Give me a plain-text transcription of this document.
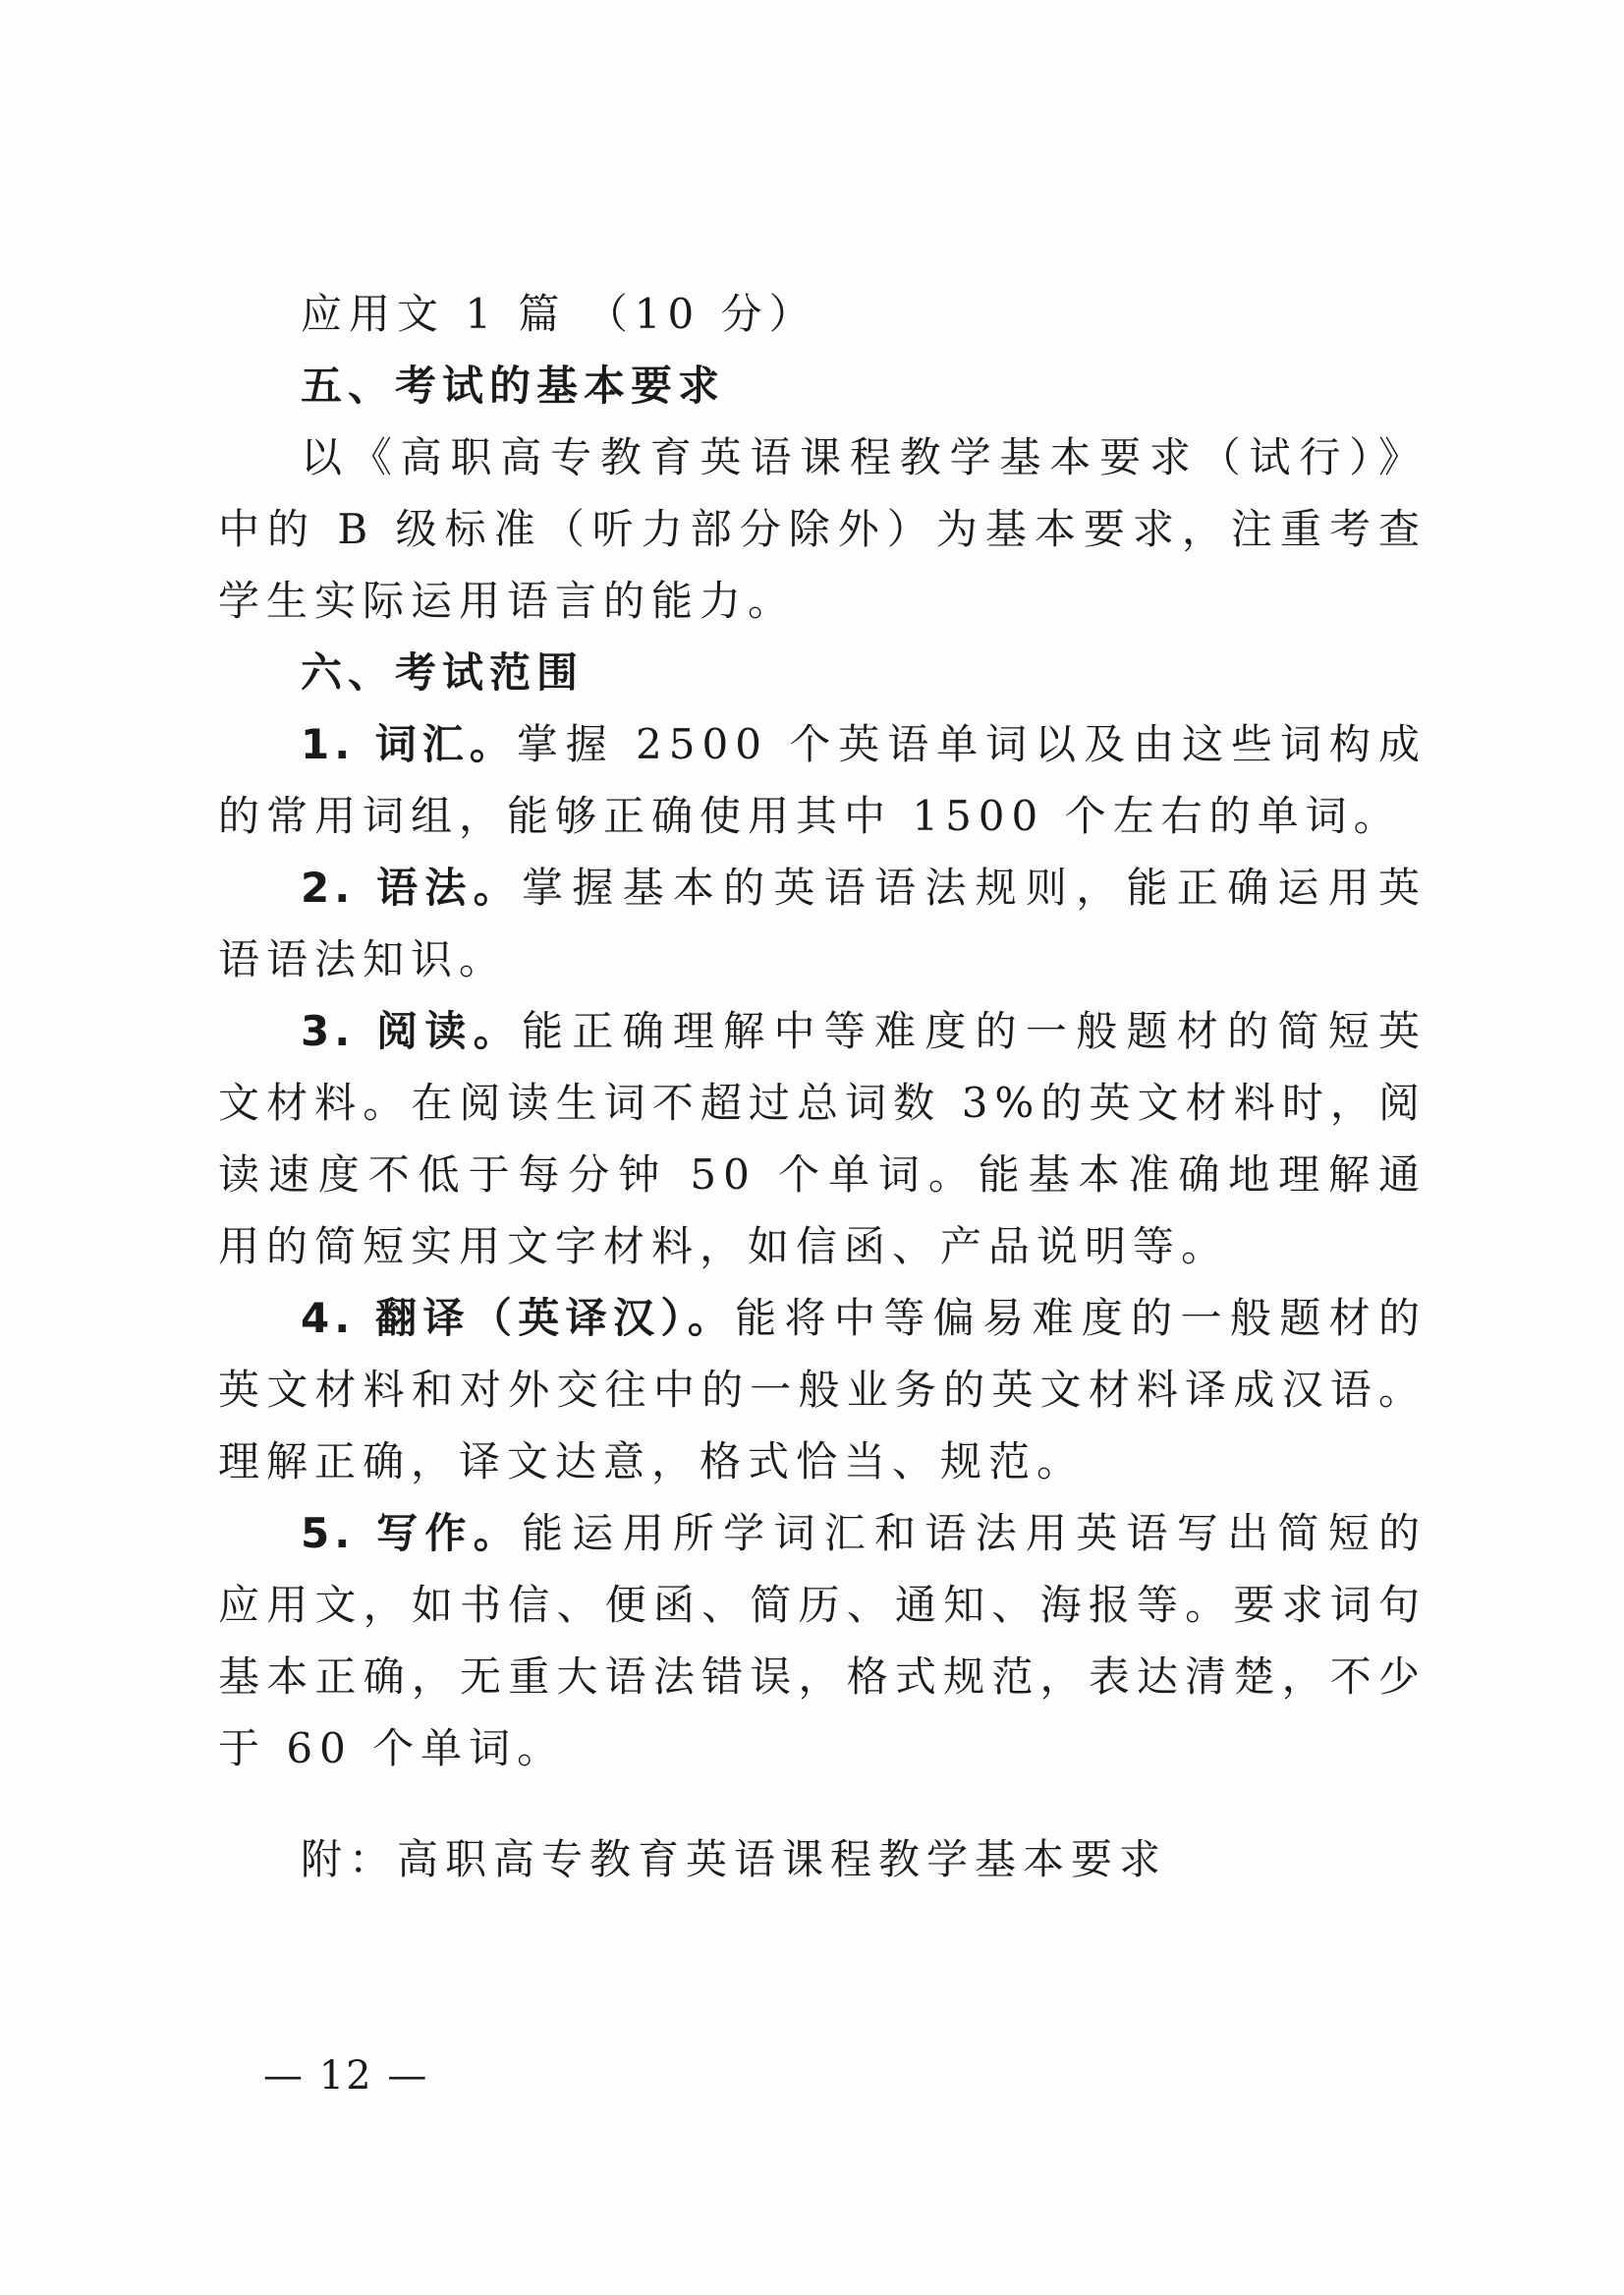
应用文 1 篇 （10 分）

五、考试的基本要求

以《高职高专教育英语课程教学基本要求（试行）》中的 B 级标准（听力部分除外）为基本要求，注重考查学生实际运用语言的能力。

六、考试范围

1. 词汇。掌握 2500 个英语单词以及由这些词构成的常用词组，能够正确使用其中 1500 个左右的单词。

2. 语法。掌握基本的英语语法规则，能正确运用英语语法知识。

3. 阅读。能正确理解中等难度的一般题材的简短英文材料。在阅读生词不超过总词数 3%的英文材料时，阅读速度不低于每分钟 50 个单词。能基本准确地理解通用的简短实用文字材料，如信函、产品说明等。

4. 翻译（英译汉）。能将中等偏易难度的一般题材的英文材料和对外交往中的一般业务的英文材料译成汉语。理解正确，译文达意，格式恰当、规范。

5. 写作。能运用所学词汇和语法用英语写出简短的应用文，如书信、便函、简历、通知、海报等。要求词句基本正确，无重大语法错误，格式规范，表达清楚，不少于 60 个单词。

附：高职高专教育英语课程教学基本要求

— 12 —
